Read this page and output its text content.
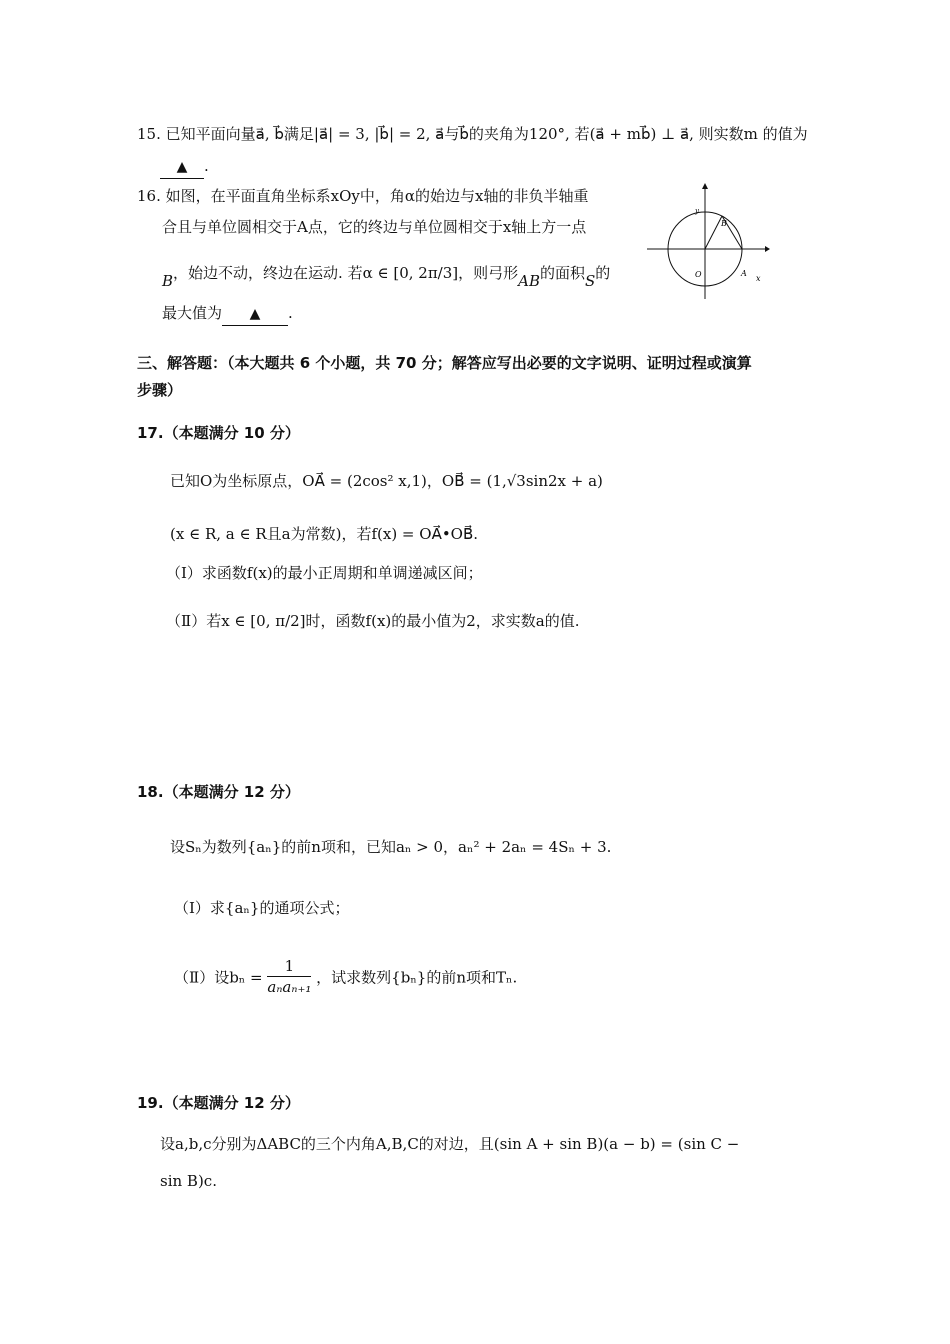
15. 已知平面向量a⃗, b⃗满足|a⃗| = 3, |b⃗| = 2, a⃗与b⃗的夹角为120°, 若(a⃗ + mb⃗) ⊥ a⃗, 则实数m 的值为
▲ .
16. 如图，在平面直角坐标系xOy中，角α的始边与x轴的非负半轴重
合且与单位圆相交于A点，它的终边与单位圆相交于x轴上方一点
B，始边不动，终边在运动. 若α ∈ [0, 2π/3]，则弓形AB的面积S的
最大值为 ▲ .
y
B
O	A
x
三、解答题：（本大题共 6 个小题，共 70 分；解答应写出必要的文字说明、证明过程或演算
步骤）
17.（本题满分 10 分）
已知O为坐标原点，OA⃗ = (2cos² x,1)，OB⃗ = (1,√3sin2x + a)
(x ∈ R, a ∈ R且a为常数)，若f(x) = OA⃗•OB⃗.
（Ⅰ）求函数f(x)的最小正周期和单调递减区间；
（Ⅱ）若x ∈ [0, π/2]时，函数f(x)的最小值为2，求实数a的值.
18.（本题满分 12 分）
设Sₙ为数列{aₙ}的前n项和，已知aₙ > 0，aₙ² + 2aₙ = 4Sₙ + 3.
（Ⅰ）求{aₙ}的通项公式；
（Ⅱ）设bₙ =
1
aₙaₙ₊₁
，试求数列{bₙ}的前n项和Tₙ.
19.（本题满分 12 分）
设a,b,c分别为ΔABC的三个内角A,B,C的对边，且(sin A + sin B)(a − b) = (sin C −
sin B)c.
